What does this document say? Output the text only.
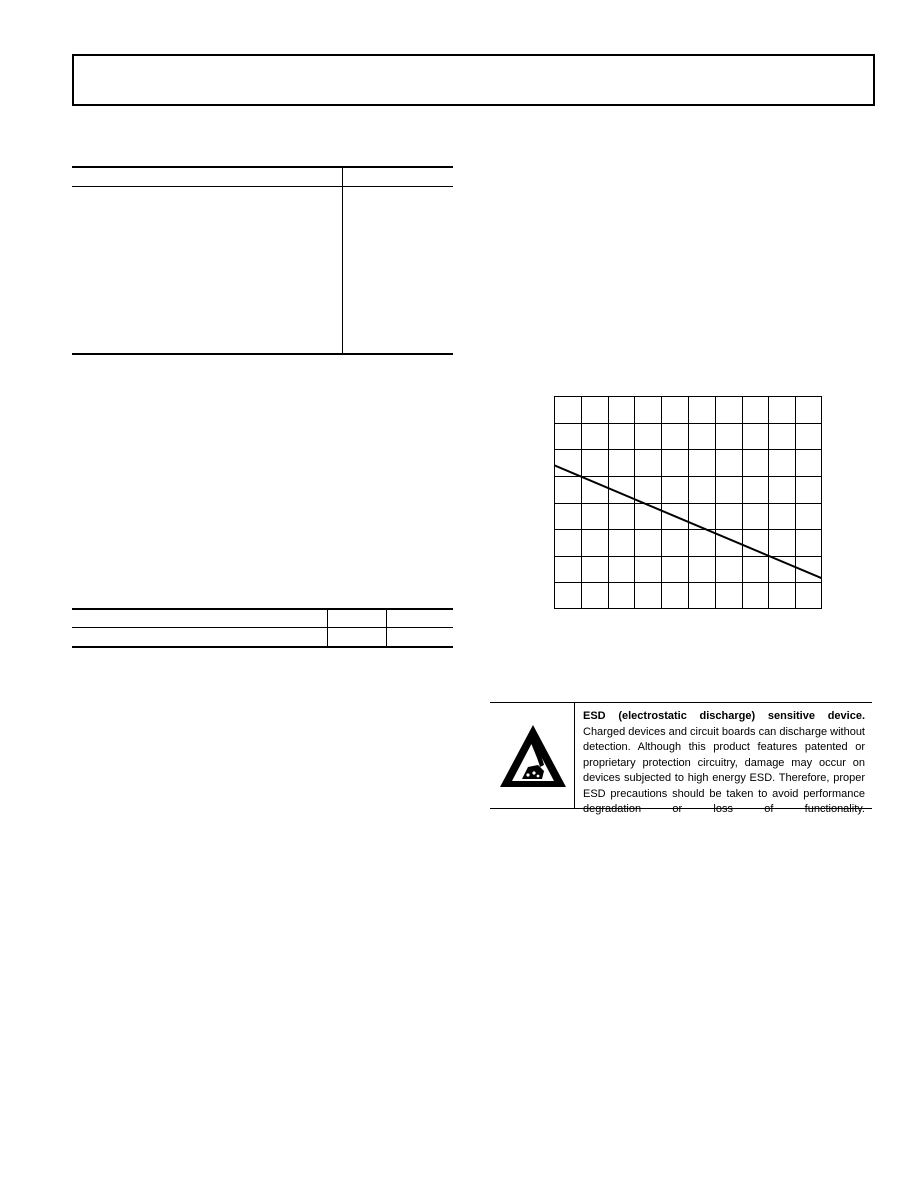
ESD (electrostatic discharge) sensitive device. Charged devices and circuit boards can discharge without detection. Although this product features patented or proprietary protection circuitry, damage may occur on devices subjected to high energy ESD. Therefore, proper ESD precautions should be taken to avoid performance degradation or loss of functionality.
